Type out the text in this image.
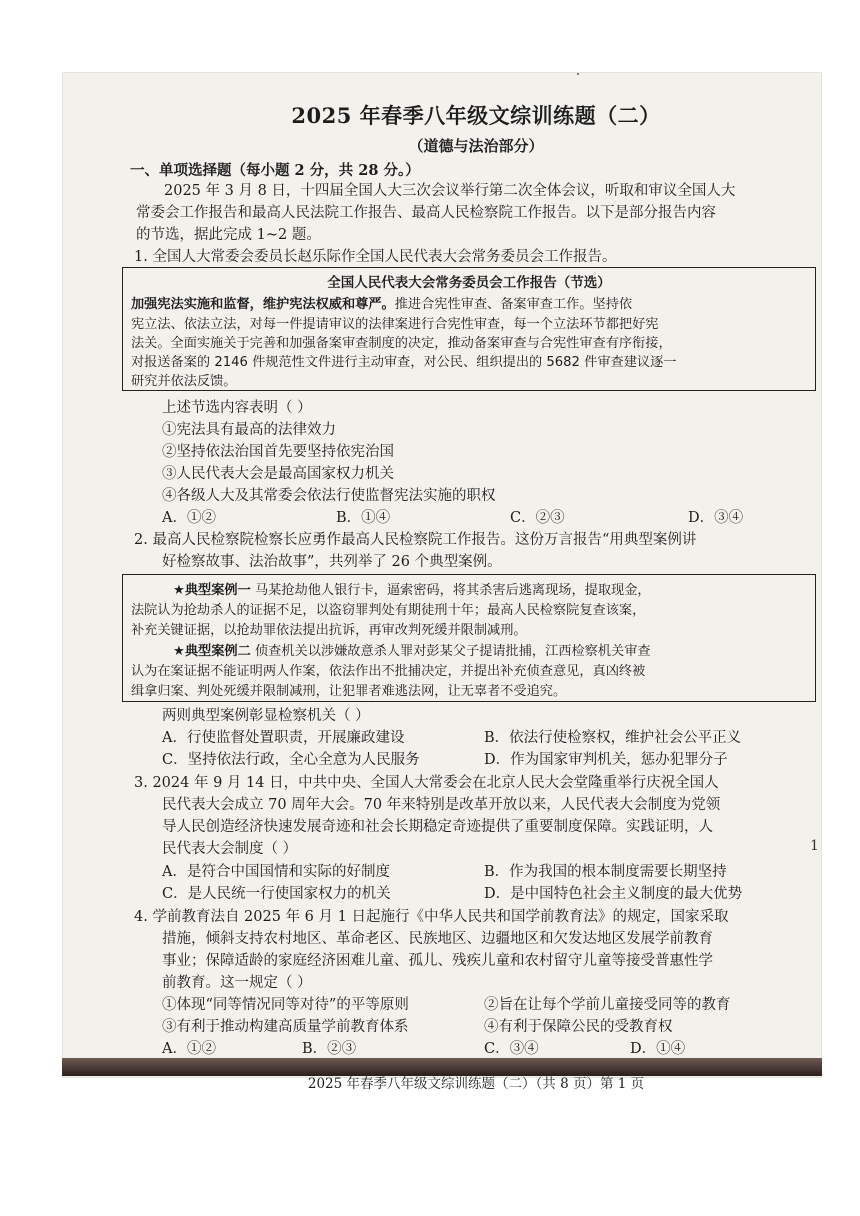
2025 年春季八年级文综训练题（二）
（道德与法治部分）
一、单项选择题（每小题 2 分，共 28 分。）
2025 年 3 月 8 日，十四届全国人大三次会议举行第二次全体会议，听取和审议全国人大
常委会工作报告和最高人民法院工作报告、最高人民检察院工作报告。以下是部分报告内容
的节选，据此完成 1~2 题。
1. 全国人大常委会委员长赵乐际作全国人民代表大会常务委员会工作报告。
全国人民代表大会常务委员会工作报告（节选）
加强宪法实施和监督，维护宪法权威和尊严。推进合宪性审查、备案审查工作。坚持依
宪立法、依法立法，对每一件提请审议的法律案进行合宪性审查，每一个立法环节都把好宪
法关。全面实施关于完善和加强备案审查制度的决定，推动备案审查与合宪性审查有序衔接，
对报送备案的 2146 件规范性文件进行主动审查，对公民、组织提出的 5682 件审查建议逐一
研究并依法反馈。
上述节选内容表明（ ）
①宪法具有最高的法律效力
②坚持依法治国首先要坚持依宪治国
③人民代表大会是最高国家权力机关
④各级人大及其常委会依法行使监督宪法实施的职权
A．①②	B．①④	C．②③	D．③④
2. 最高人民检察院检察长应勇作最高人民检察院工作报告。这份万言报告“用典型案例讲
好检察故事、法治故事”，共列举了 26 个典型案例。
★典型案例一 马某抢劫他人银行卡，逼索密码，将其杀害后逃离现场，提取现金，
法院认为抢劫杀人的证据不足，以盗窃罪判处有期徒刑十年；最高人民检察院复查该案，
补充关键证据，以抢劫罪依法提出抗诉，再审改判死缓并限制减刑。
★典型案例二 侦查机关以涉嫌故意杀人罪对彭某父子提请批捕，江西检察机关审查
认为在案证据不能证明两人作案，依法作出不批捕决定，并提出补充侦查意见，真凶终被
缉拿归案、判处死缓并限制减刑，让犯罪者难逃法网，让无辜者不受追究。
两则典型案例彰显检察机关（ ）
A．行使监督处置职责，开展廉政建设	B．依法行使检察权，维护社会公平正义
C．坚持依法行政，全心全意为人民服务	D．作为国家审判机关，惩办犯罪分子
3. 2024 年 9 月 14 日，中共中央、全国人大常委会在北京人民大会堂隆重举行庆祝全国人
民代表大会成立 70 周年大会。70 年来特别是改革开放以来，人民代表大会制度为党领
导人民创造经济快速发展奇迹和社会长期稳定奇迹提供了重要制度保障。实践证明，人
民代表大会制度（ ）
A．是符合中国国情和实际的好制度	B．作为我国的根本制度需要长期坚持
C．是人民统一行使国家权力的机关	D．是中国特色社会主义制度的最大优势
4. 学前教育法自 2025 年 6 月 1 日起施行《中华人民共和国学前教育法》的规定，国家采取
措施，倾斜支持农村地区、革命老区、民族地区、边疆地区和欠发达地区发展学前教育
事业；保障适龄的家庭经济困难儿童、孤儿、残疾儿童和农村留守儿童等接受普惠性学
前教育。这一规定（ ）
①体现“同等情况同等对待”的平等原则	②旨在让每个学前儿童接受同等的教育
③有利于推动构建高质量学前教育体系	④有利于保障公民的受教育权
A．①②	B．②③	C．③④	D．①④
2025 年春季八年级文综训练题（二）（共 8 页）第 1 页
1
